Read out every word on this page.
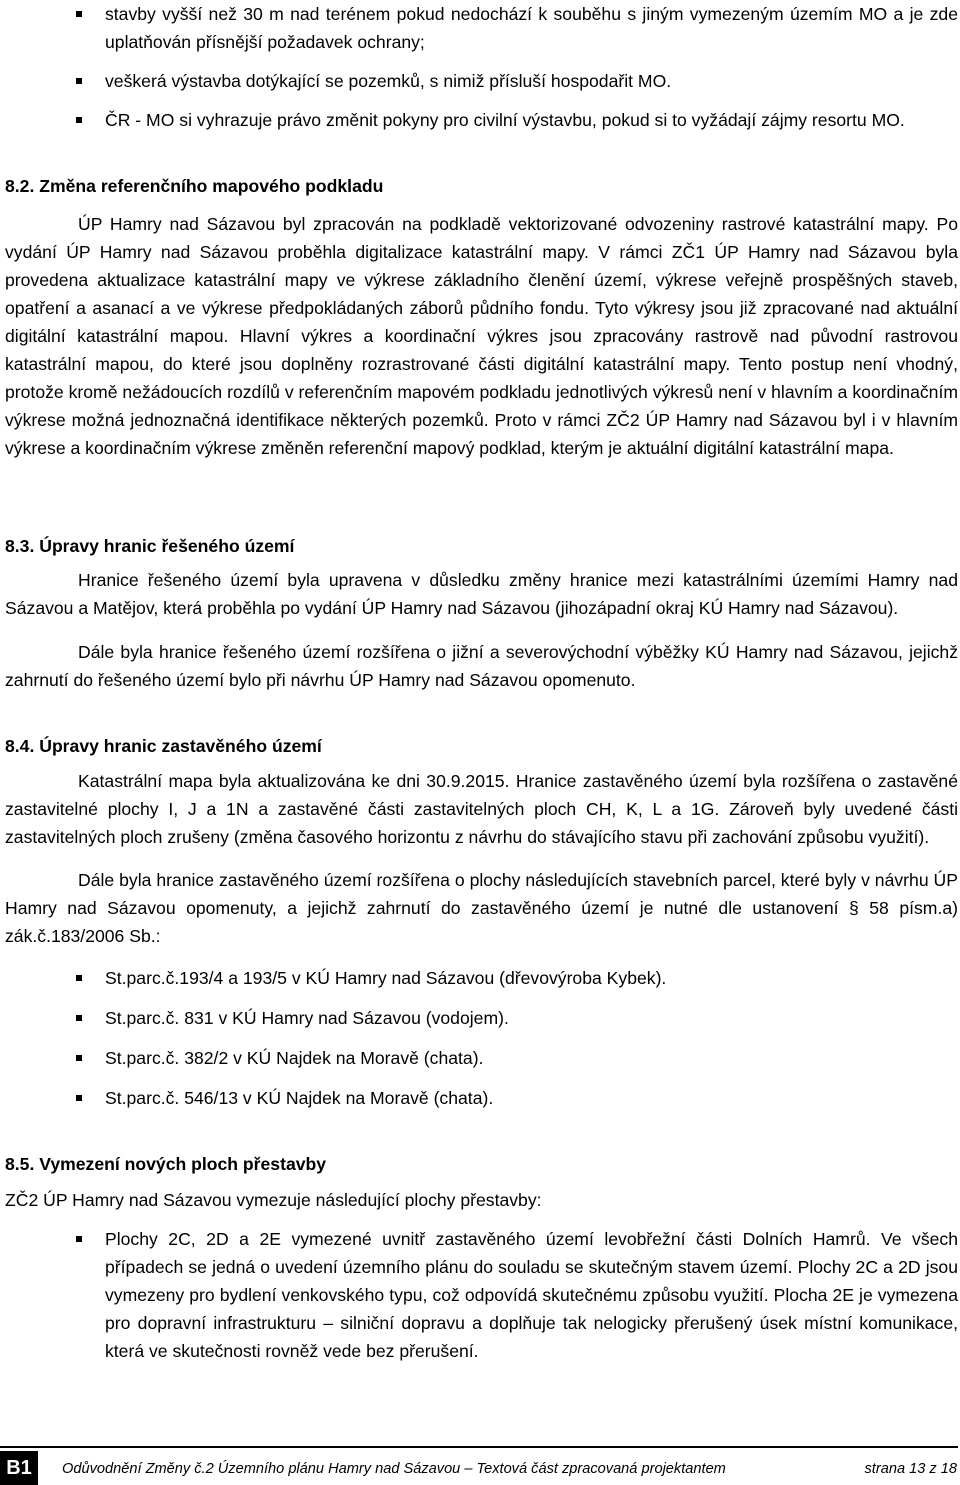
stavby vyšší než 30 m nad terénem pokud nedochází k souběhu s jiným vymezeným územím MO a je zde uplatňován přísnější požadavek ochrany;
veškerá výstavba dotýkající se pozemků, s nimiž přísluší hospodařit MO.
ČR - MO si vyhrazuje právo změnit pokyny pro civilní výstavbu, pokud si to vyžádají zájmy resortu MO.
8.2. Změna referenčního mapového podkladu

ÚP Hamry nad Sázavou byl zpracován na podkladě vektorizované odvozeniny rastrové katastrální mapy. Po vydání ÚP Hamry nad Sázavou proběhla digitalizace katastrální mapy. V rámci ZČ1 ÚP Hamry nad Sázavou byla provedena aktualizace katastrální mapy ve výkrese základního členění území, výkrese veřejně prospěšných staveb, opatření a asanací a ve výkrese předpokládaných záborů půdního fondu. Tyto výkresy jsou již zpracované nad aktuální digitální katastrální mapou. Hlavní výkres a koordinační výkres jsou zpracovány rastrově nad původní rastrovou katastrální mapou, do které jsou doplněny rozrastrované části digitální katastrální mapy. Tento postup není vhodný, protože kromě nežádoucích rozdílů v referenčním mapovém podkladu jednotlivých výkresů není v hlavním a koordinačním výkrese možná jednoznačná identifikace některých pozemků. Proto v rámci ZČ2 ÚP Hamry nad Sázavou byl i v hlavním výkrese a koordinačním výkrese změněn referenční mapový podklad, kterým je aktuální digitální katastrální mapa.

8.3. Úpravy hranic řešeného území

Hranice řešeného území byla upravena v důsledku změny hranice mezi katastrálními územími Hamry nad Sázavou a Matějov, která proběhla po vydání ÚP Hamry nad Sázavou (jihozápadní okraj KÚ Hamry nad Sázavou).

Dále byla hranice řešeného území rozšířena o jižní a severovýchodní výběžky KÚ Hamry nad Sázavou, jejichž zahrnutí do řešeného území bylo při návrhu ÚP Hamry nad Sázavou opomenuto.

8.4. Úpravy hranic zastavěného území

Katastrální mapa byla aktualizována ke dni 30.9.2015. Hranice zastavěného území byla rozšířena o zastavěné zastavitelné plochy I, J a 1N a zastavěné části zastavitelných ploch CH, K, L a 1G. Zároveň byly uvedené části zastavitelných ploch zrušeny (změna časového horizontu z návrhu do stávajícího stavu při zachování způsobu využití).

Dále byla hranice zastavěného území rozšířena o plochy následujících stavebních parcel, které byly v návrhu ÚP Hamry nad Sázavou opomenuty, a jejichž zahrnutí do zastavěného území je nutné dle ustanovení § 58 písm.a) zák.č.183/2006 Sb.:

St.parc.č.193/4 a 193/5 v KÚ Hamry nad Sázavou (dřevovýroba Kybek).
St.parc.č. 831 v KÚ Hamry nad Sázavou (vodojem).
St.parc.č. 382/2 v KÚ Najdek na Moravě (chata).
St.parc.č. 546/13 v KÚ Najdek na Moravě (chata).
8.5. Vymezení nových ploch přestavby

ZČ2 ÚP Hamry nad Sázavou vymezuje následující plochy přestavby:

Plochy 2C, 2D a 2E vymezené uvnitř zastavěného území levobřežní části Dolních Hamrů. Ve všech případech se jedná o uvedení územního plánu do souladu se skutečným stavem území. Plochy 2C a 2D jsou vymezeny pro bydlení venkovského typu, což odpovídá skutečnému způsobu využití. Plocha 2E je vymezena pro dopravní infrastrukturu – silniční dopravu a doplňuje tak nelogicky přerušený úsek místní komunikace, která ve skutečnosti rovněž vede bez přerušení.
B1	Odůvodnění Změny č.2 Územního plánu Hamry nad Sázavou – Textová část zpracovaná projektantem	strana 13 z 18
